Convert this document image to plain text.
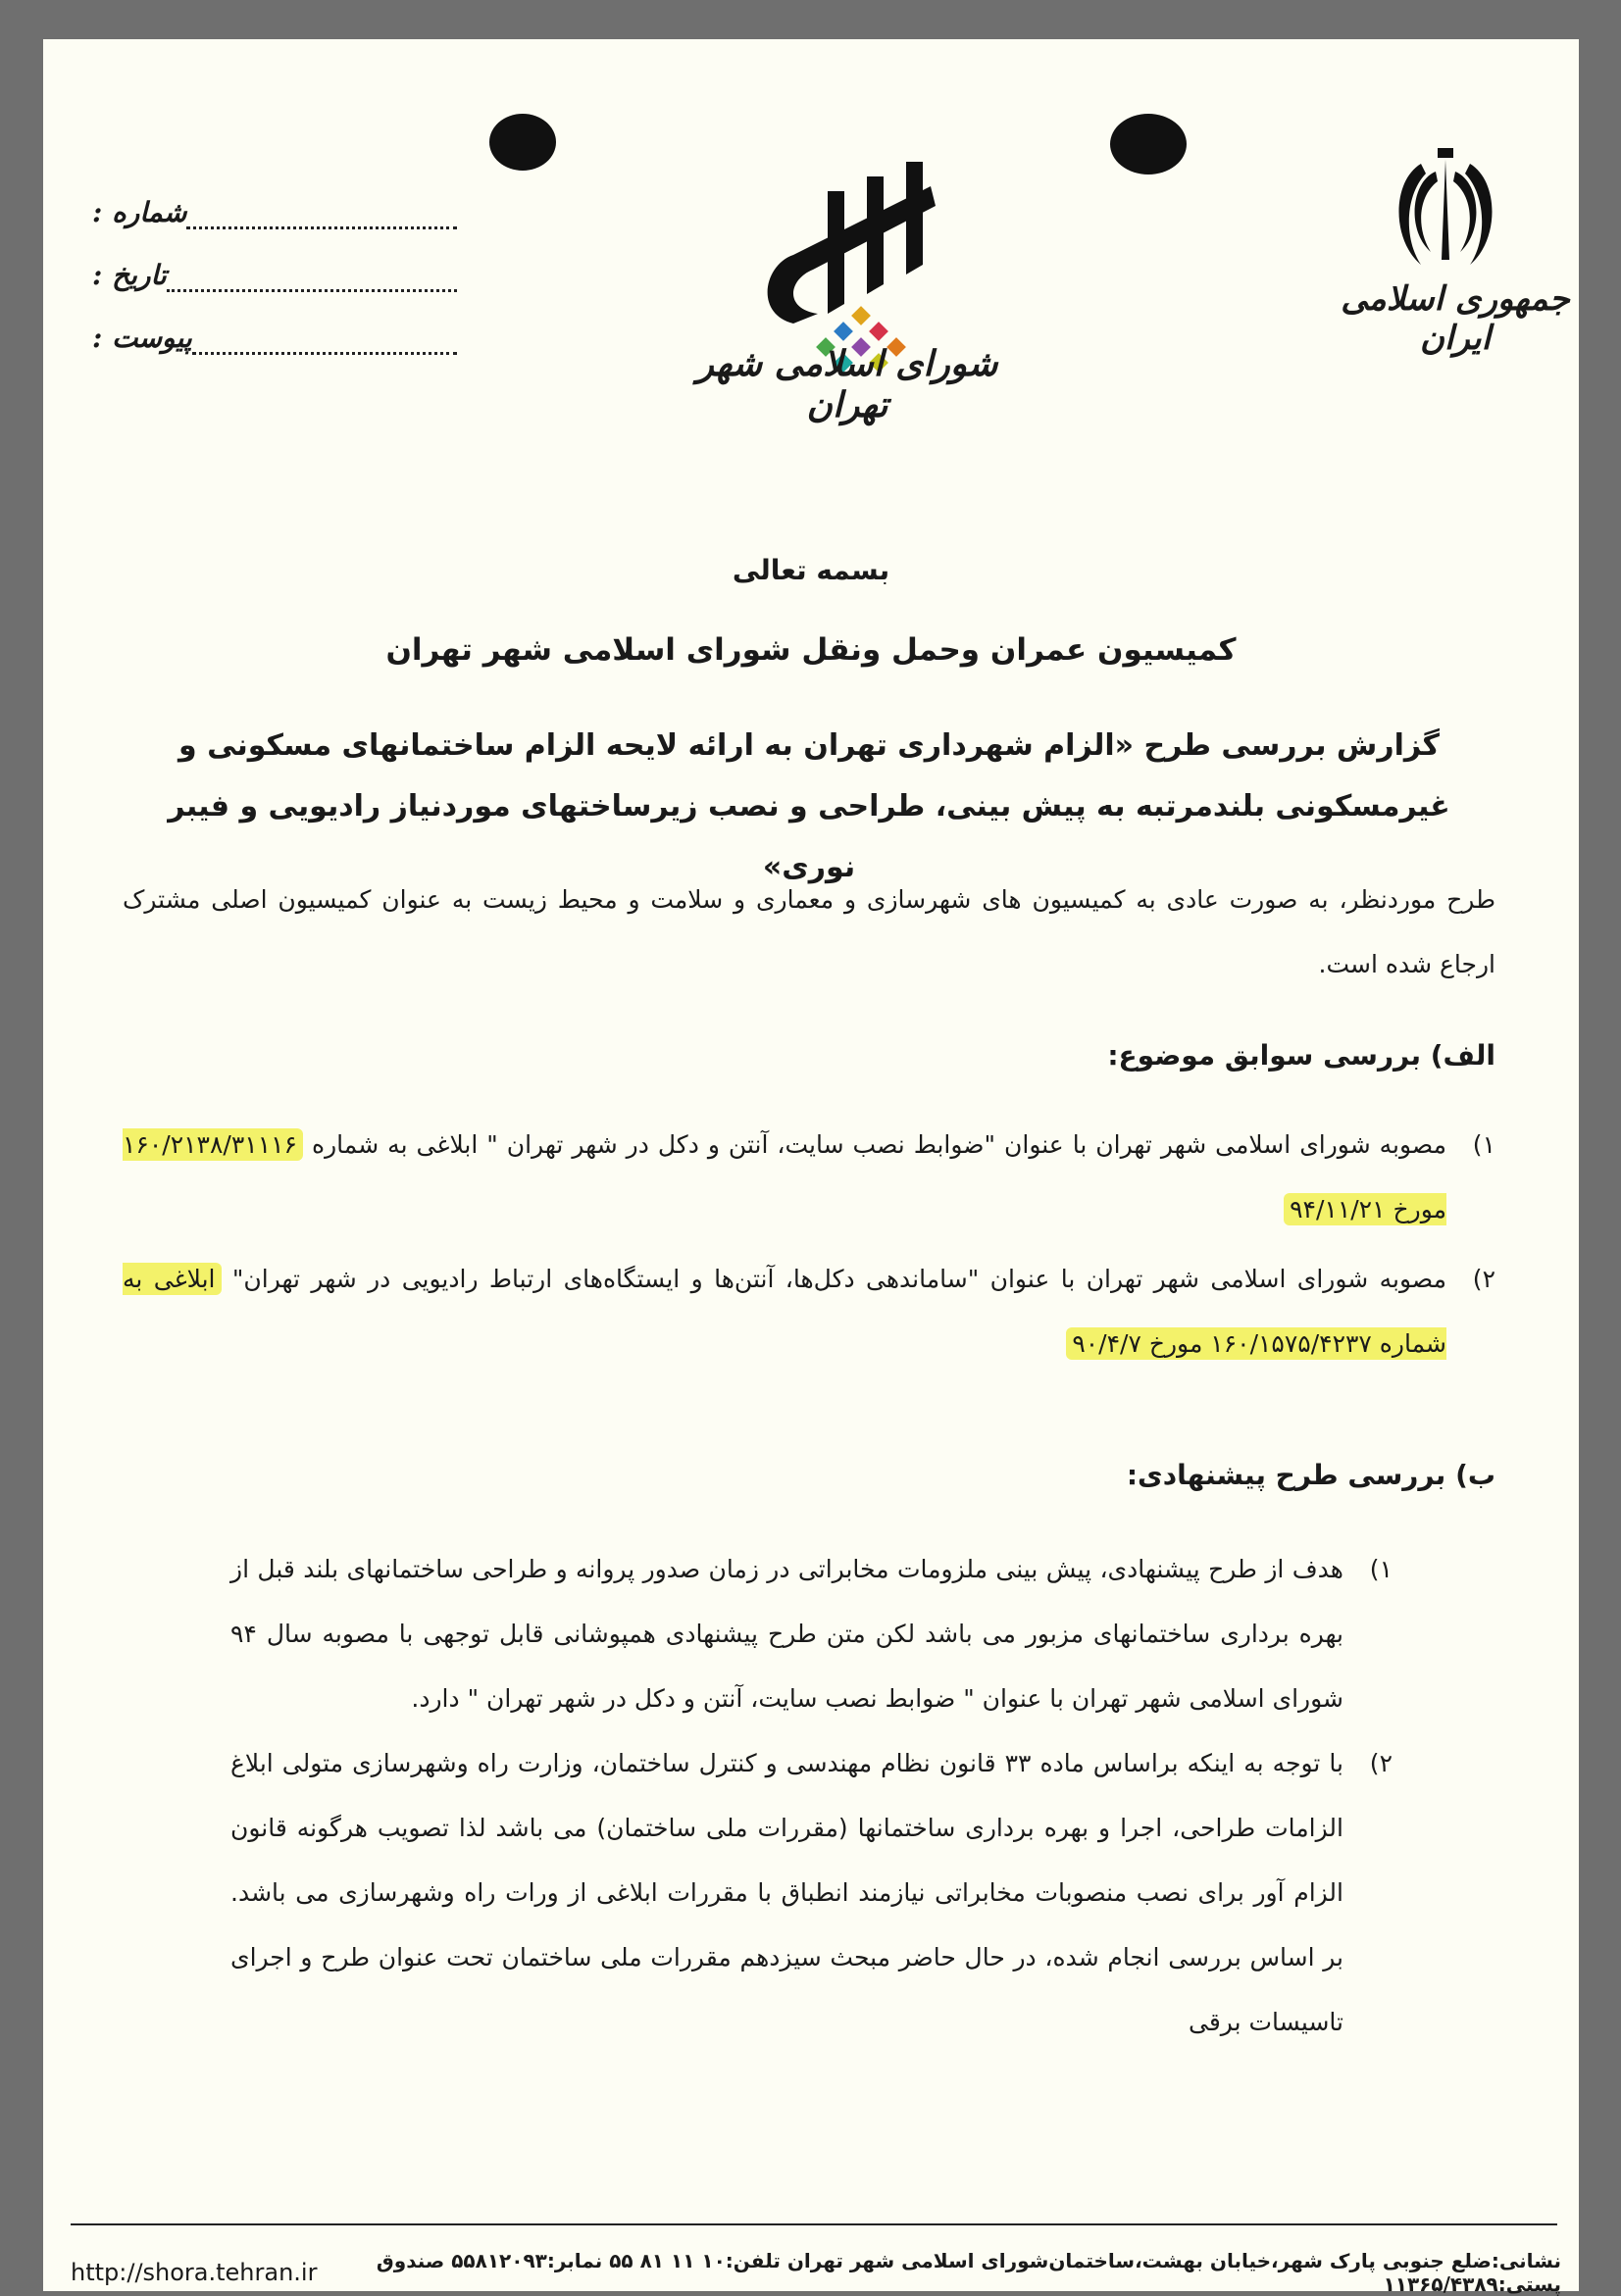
جمهوری اسلامی ایران
شورای اسلامی شهر تهران
شماره :
تاریخ :
پیوست :
بسمه تعالی
کمیسیون عمران وحمل ونقل شورای اسلامی شهر تهران
گزارش بررسی طرح «الزام شهرداری تهران به ارائه لایحه الزام ساختمانهای مسکونی و غیرمسکونی بلندمرتبه به پیش بینی، طراحی و نصب زیرساختهای موردنیاز رادیویی و فیبر نوری»
طرح مورد‌نظر، به صورت عادی به کمیسیون های شهرسازی و معماری و سلامت و محیط زیست به عنوان کمیسیون اصلی مشترک ارجاع شده است.
الف) بررسی سوابق موضوع:
۱)
مصوبه شورای اسلامی شهر تهران با عنوان "ضوابط نصب سایت، آنتن و دکل در شهر تهران " ابلاغی به شماره ۱۶۰/۲۱۳۸/۳۱۱۱۶ مورخ ۹۴/۱۱/۲۱
۲)
مصوبه شورای اسلامی شهر تهران با عنوان "ساماندهی دکل‌ها، آنتن‌ها و ایستگاه‌های ارتباط رادیویی در شهر تهران" ابلاغی به شماره ۱۶۰/۱۵۷۵/۴۲۳۷ مورخ ۹۰/۴/۷
ب) بررسی طرح پیشنهادی:
۱)
هدف از طرح پیشنهادی، پیش بینی ملزومات مخابراتی در زمان صدور پروانه و طراحی ساختمانهای بلند قبل از بهره برداری ساختمانهای مزبور می باشد لکن متن طرح پیشنهادی همپوشانی قابل توجهی با مصوبه سال ۹۴ شورای اسلامی شهر تهران با عنوان " ضوابط نصب سایت، آنتن و دکل در شهر تهران " دارد.
۲)
با توجه به اینکه براساس ماده ۳۳ قانون نظام مهندسی و کنترل ساختمان، وزارت راه وشهرسازی متولی ابلاغ الزامات طراحی، اجرا و بهره برداری ساختمانها (مقررات ملی ساختمان) می باشد لذا تصویب هرگونه قانون الزام آور برای نصب منصوبات مخابراتی نیازمند انطباق با مقررات ابلاغی از ورات راه وشهرسازی می باشد. بر اساس بررسی انجام شده، در حال حاضر مبحث سیزدهم مقررات ملی ساختمان تحت عنوان طرح و اجرای تاسیسات برقی
نشانی:ضلع جنوبی پارک شهر،خیابان بهشت،ساختمان‌شورای اسلامی شهر تهران تلفن:۱۰ ۱۱ ۸۱ ۵۵ نمابر:۵۵۸۱۲۰۹۳ صندوق پستی:۱۱۳۶۵/۴۳۸۹
http://shora.tehran.ir
